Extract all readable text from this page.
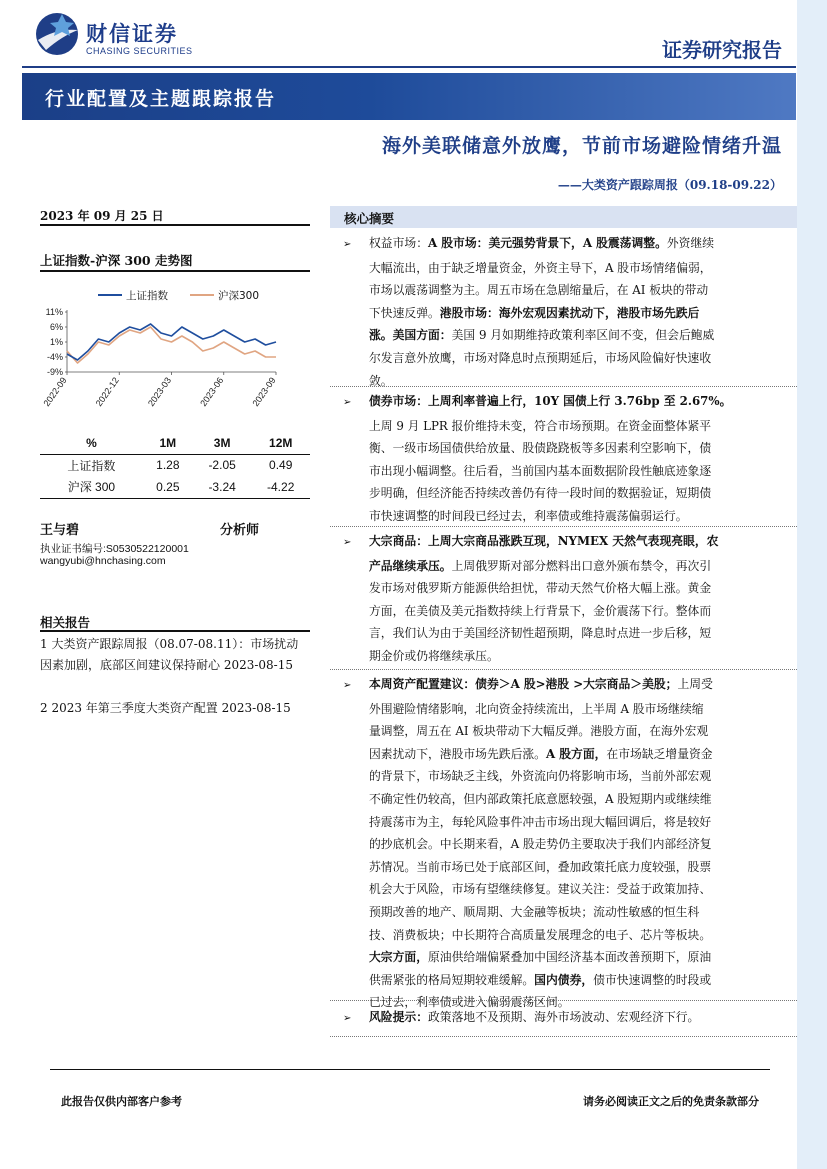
财信证券
CHASING SECURITIES	证券研究报告
行业配置及主题跟踪报告
海外美联储意外放鹰，节前市场避险情绪升温
——大类资产跟踪周报（09.18-09.22）
2023 年 09 月 25 日
上证指数-沪深 300 走势图
11%
6%
1%
-4%
-9%
2022-09	2022-12	2023-03	2023-06	2023-09
上证指数	沪深300
%	1M	3M	12M
上证指数	1.28	-2.05	0.49
沪深 300	0.25	-3.24	-4.22
王与碧	分析师
执业证书编号:S0530522120001
wangyubi@hnchasing.com
相关报告
1 大类资产跟踪周报（08.07-08.11）：市场扰动因素加剧，底部区间建议保持耐心 2023-08-15
2 2023 年第三季度大类资产配置 2023-08-15
核心摘要
➢ 权益市场：A 股市场：美元强势背景下，A 股震荡调整。外资继续
大幅流出，由于缺乏增量资金，外资主导下，A 股市场情绪偏弱，
市场以震荡调整为主。周五市场在急剧缩量后，在 AI 板块的带动
下快速反弹。港股市场：海外宏观因素扰动下，港股市场先跌后
涨。美国方面：美国 9 月如期维持政策利率区间不变，但会后鲍威
尔发言意外放鹰，市场对降息时点预期延后，市场风险偏好快速收
敛。
➢ 债券市场：上周利率普遍上行，10Y 国债上行 3.76bp 至 2.67%。
上周 9 月 LPR 报价维持未变，符合市场预期。在资金面整体紧平
衡、一级市场国债供给放量、股债跷跷板等多因素利空影响下，债
市出现小幅调整。往后看，当前国内基本面数据阶段性触底迹象逐
步明确，但经济能否持续改善仍有待一段时间的数据验证，短期债
市快速调整的时间段已经过去，利率债或维持震荡偏弱运行。
➢ 大宗商品：上周大宗商品涨跌互现，NYMEX 天然气表现亮眼，农
产品继续承压。上周俄罗斯对部分燃料出口意外颁布禁令，再次引
发市场对俄罗斯方能源供给担忧，带动天然气价格大幅上涨。黄金
方面，在美债及美元指数持续上行背景下，金价震荡下行。整体而
言，我们认为由于美国经济韧性超预期，降息时点进一步后移，短
期金价或仍将继续承压。
➢ 本周资产配置建议：债券＞A 股>港股 >大宗商品＞美股；上周受
外围避险情绪影响，北向资金持续流出，上半周 A 股市场继续缩
量调整，周五在 AI 板块带动下大幅反弹。港股方面，在海外宏观
因素扰动下，港股市场先跌后涨。A 股方面，在市场缺乏增量资金
的背景下，市场缺乏主线，外资流向仍将影响市场，当前外部宏观
不确定性仍较高，但内部政策托底意愿较强，A 股短期内或继续维
持震荡市为主，每轮风险事件冲击市场出现大幅回调后，将是较好
的抄底机会。中长期来看，A 股走势仍主要取决于我们内部经济复
苏情况。当前市场已处于底部区间，叠加政策托底力度较强，股票
机会大于风险，市场有望继续修复。建议关注：受益于政策加持、
预期改善的地产、顺周期、大金融等板块；流动性敏感的恒生科
技、消费板块；中长期符合高质量发展理念的电子、芯片等板块。
大宗方面，原油供给端偏紧叠加中国经济基本面改善预期下，原油
供需紧张的格局短期较难缓解。国内债券，债市快速调整的时段或
已过去，利率债或进入偏弱震荡区间。
➢ 风险提示：政策落地不及预期、海外市场波动、宏观经济下行。
此报告仅供内部客户参考	请务必阅读正文之后的免责条款部分
